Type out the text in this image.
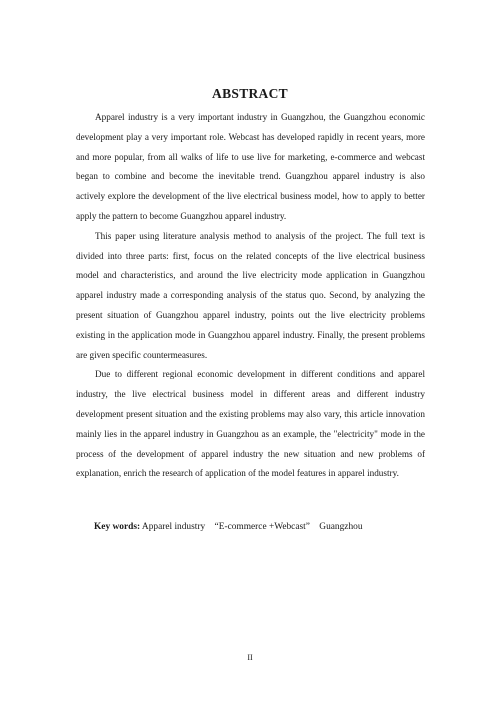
ABSTRACT

Apparel industry is a very important industry in Guangzhou, the Guangzhou economic development play a very important role. Webcast has developed rapidly in recent years, more and more popular, from all walks of life to use live for marketing, e-commerce and webcast began to combine and become the inevitable trend. Guangzhou apparel industry is also actively explore the development of the live electrical business model, how to apply to better apply the pattern to become Guangzhou apparel industry.

This paper using literature analysis method to analysis of the project. The full text is divided into three parts: first, focus on the related concepts of the live electrical business model and characteristics, and around the live electricity mode application in Guangzhou apparel industry made a corresponding analysis of the status quo. Second, by analyzing the present situation of Guangzhou apparel industry, points out the live electricity problems existing in the application mode in Guangzhou apparel industry. Finally, the present problems are given specific countermeasures.

Due to different regional economic development in different conditions and apparel industry, the live electrical business model in different areas and different industry development present situation and the existing problems may also vary, this article innovation mainly lies in the apparel industry in Guangzhou as an example, the "electricity" mode in the process of the development of apparel industry the new situation and new problems of explanation, enrich the research of application of the model features in apparel industry.

Key words: Apparel industry    “E-commerce +Webcast”    Guangzhou
II
